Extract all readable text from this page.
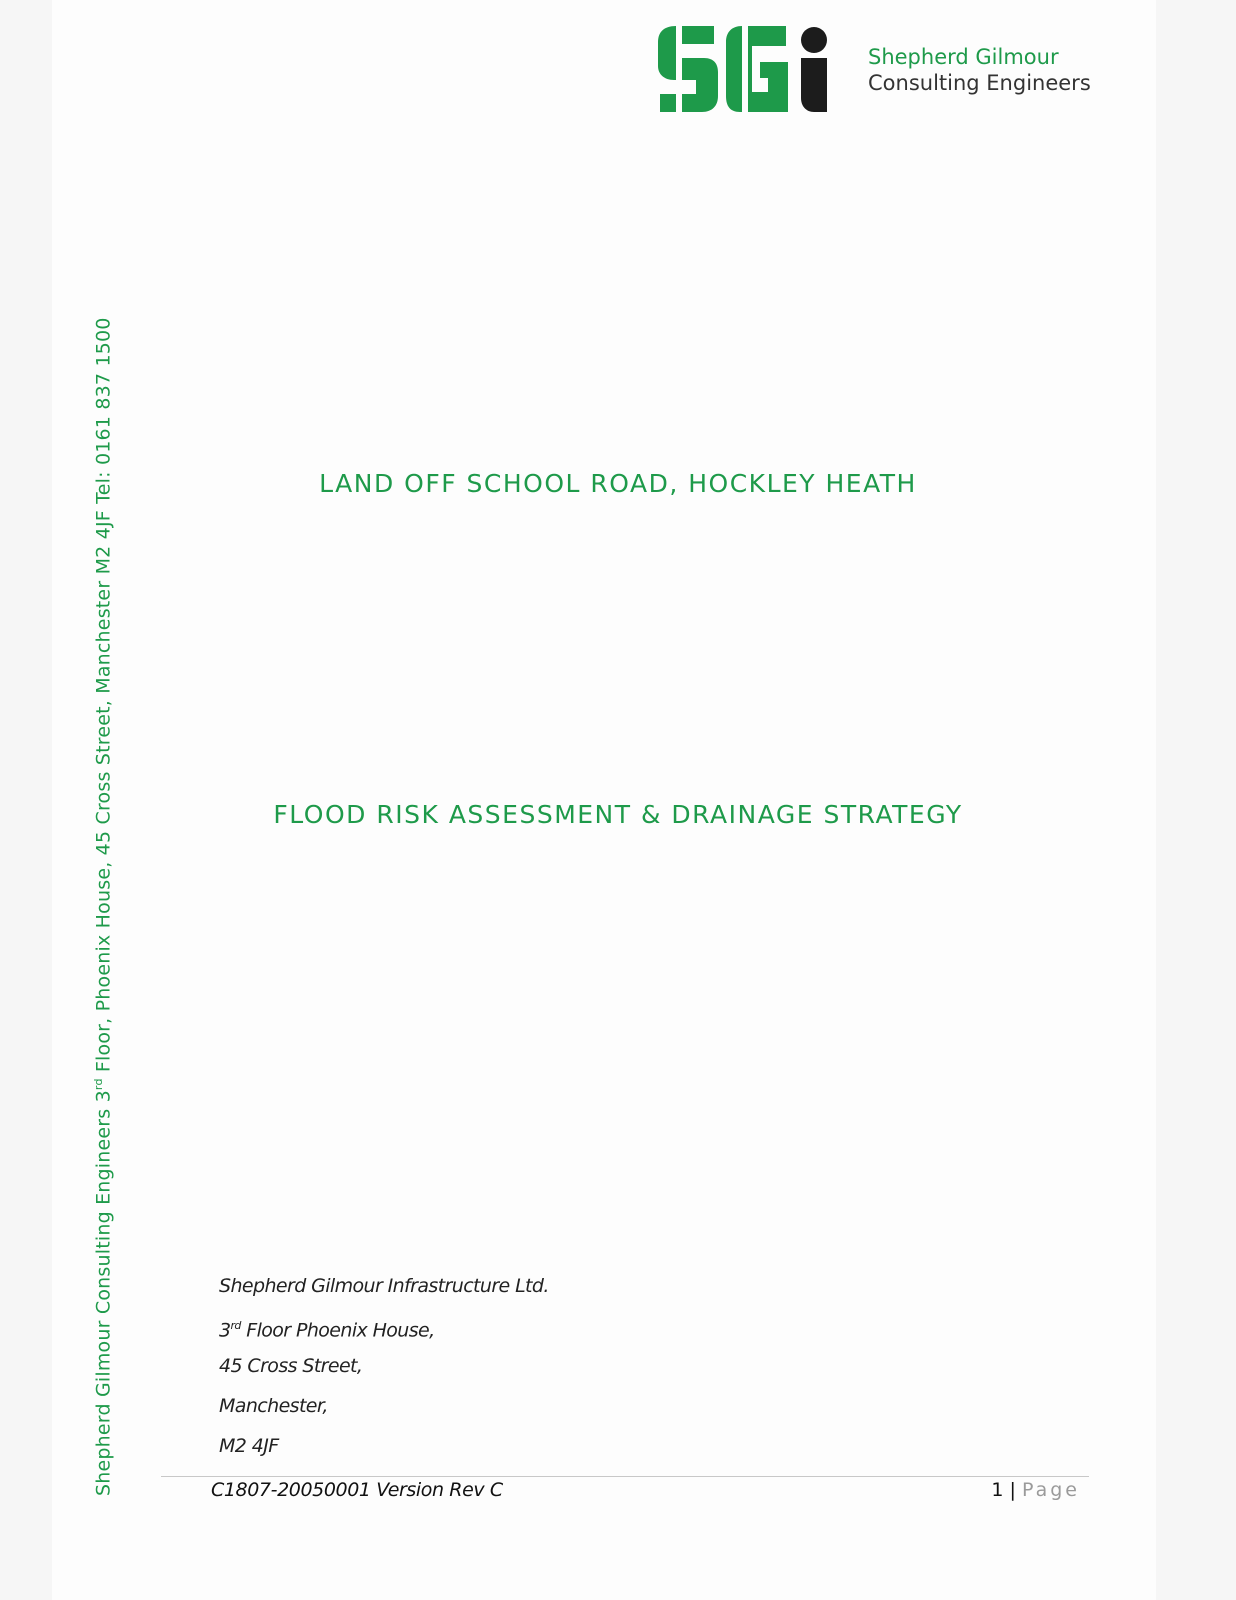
Shepherd Gilmour
Consulting Engineers
Shepherd Gilmour Consulting Engineers 3rd Floor, Phoenix House, 45 Cross Street, Manchester M2 4JF Tel: 0161 837 1500	LAND OFF SCHOOL ROAD, HOCKLEY HEATH
FLOOD RISK ASSESSMENT & DRAINAGE STRATEGY
Shepherd Gilmour Infrastructure Ltd.
3rd Floor Phoenix House,
45 Cross Street,
Manchester,
M2 4JF
C1807-20050001 Version Rev C	1 | Page
